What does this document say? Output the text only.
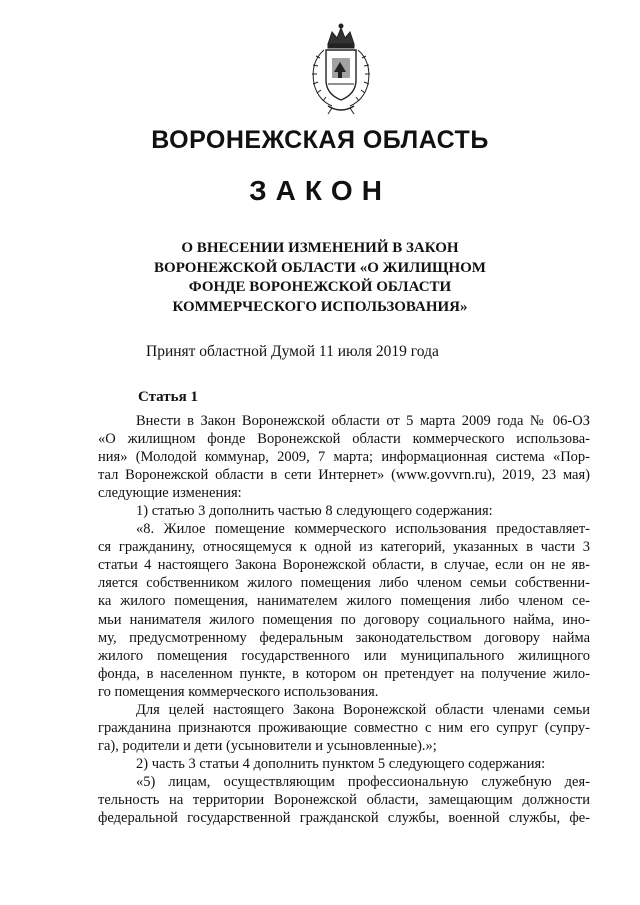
ВОРОНЕЖСКАЯ ОБЛАСТЬ
ЗАКОН
О ВНЕСЕНИИ ИЗМЕНЕНИЙ В ЗАКОН
ВОРОНЕЖСКОЙ ОБЛАСТИ «О ЖИЛИЩНОМ
ФОНДЕ ВОРОНЕЖСКОЙ ОБЛАСТИ
КОММЕРЧЕСКОГО ИСПОЛЬЗОВАНИЯ»
Принят областной Думой 11 июля 2019 года
Статья 1
Внести в Закон Воронежской области от 5 марта 2009 года № 06-ОЗ
«О жилищном фонде Воронежской области коммерческого использова-
ния» (Молодой коммунар, 2009, 7 марта; информационная система «Пор-
тал Воронежской области в сети Интернет» (www.govvrn.ru), 2019, 23 мая)
следующие изменения:
1) статью 3 дополнить частью 8 следующего содержания:
«8. Жилое помещение коммерческого использования предоставляет-
ся гражданину, относящемуся к одной из категорий, указанных в части 3
статьи 4 настоящего Закона Воронежской области, в случае, если он не яв-
ляется собственником жилого помещения либо членом семьи собственни-
ка жилого помещения, нанимателем жилого помещения либо членом се-
мьи нанимателя жилого помещения по договору социального найма, ино-
му, предусмотренному федеральным законодательством договору найма
жилого помещения государственного или муниципального жилищного
фонда, в населенном пункте, в котором он претендует на получение жило-
го помещения коммерческого использования.
Для целей настоящего Закона Воронежской области членами семьи
гражданина признаются проживающие совместно с ним его супруг (супру-
га), родители и дети (усыновители и усыновленные).»;
2) часть 3 статьи 4 дополнить пунктом 5 следующего содержания:
«5) лицам, осуществляющим профессиональную служебную дея-
тельность на территории Воронежской области, замещающим должности
федеральной государственной гражданской службы, военной службы, фе-
